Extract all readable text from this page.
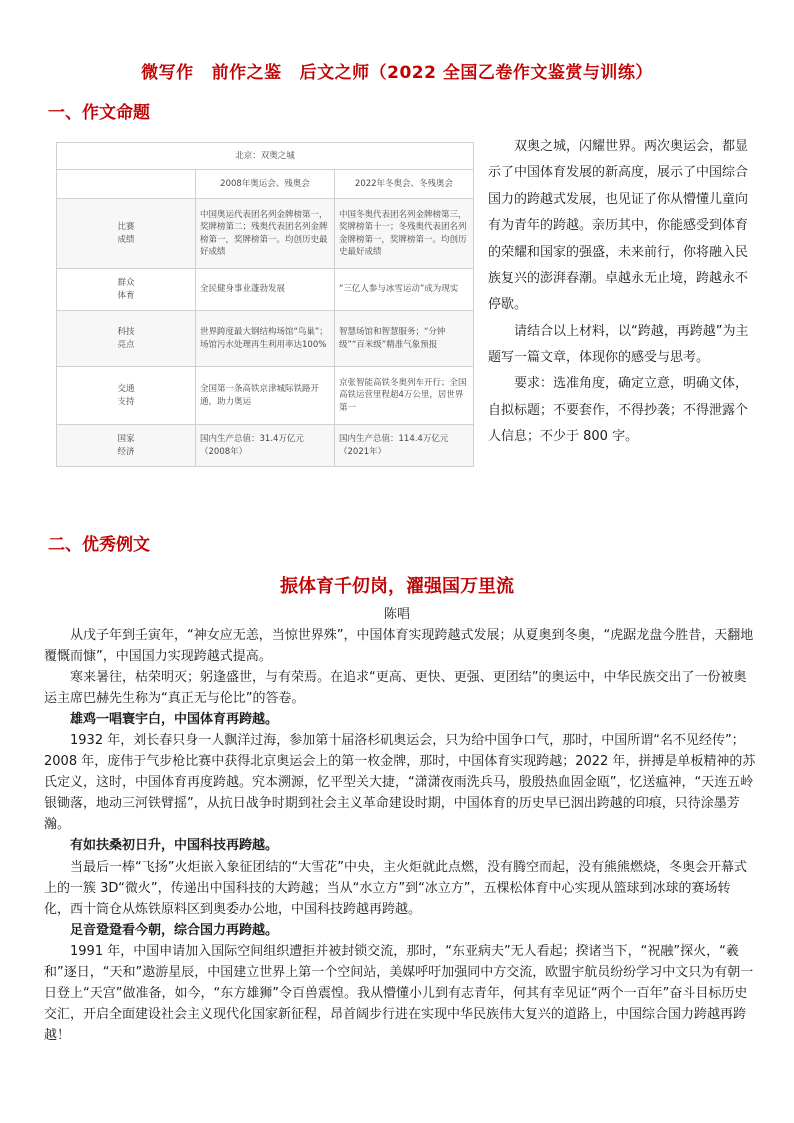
微写作 前作之鉴 后文之师（2022 全国乙卷作文鉴赏与训练）
一、作文命题
北京：双奥之城		
	2008年奥运会、残奥会	2022年冬奥会、冬残奥会
比赛
成绩	中国奥运代表团名列金牌榜第一，奖牌榜第二；残奥代表团名列金牌榜第一，奖牌榜第一。均创历史最好成绩	中国冬奥代表团名列金牌榜第三，奖牌榜第十一；冬残奥代表团名列金牌榜第一，奖牌榜第一。均创历史最好成绩
群众
体育	全民健身事业蓬勃发展	“三亿人参与冰雪运动”成为现实
科技
亮点	世界跨度最大钢结构场馆“鸟巢”；场馆污水处理再生利用率达100%	智慧场馆和智慧服务；“分钟级”“百米级”精准气象预报
交通
支持	全国第一条高铁京津城际铁路开通，助力奥运	京张智能高铁冬奥列车开行；全国高铁运营里程超4万公里，居世界第一
国家
经济	国内生产总值：31.4万亿元（2008年）	国内生产总值：114.4万亿元（2021年）

双奥之城，闪耀世界。两次奥运会，都显示了中国体育发展的新高度，展示了中国综合国力的跨越式发展，也见证了你从懵懂儿童向有为青年的跨越。亲历其中，你能感受到体育的荣耀和国家的强盛，未来前行，你将融入民族复兴的澎湃春潮。卓越永无止境，跨越永不停歇。

请结合以上材料，以“跨越，再跨越”为主题写一篇文章，体现你的感受与思考。

要求：选准角度，确定立意，明确文体，自拟标题；不要套作，不得抄袭；不得泄露个人信息；不少于 800 字。

二、优秀例文
振体育千仞岗，濯强国万里流
陈唱

从戊子年到壬寅年，“神女应无恙，当惊世界殊”，中国体育实现跨越式发展；从夏奥到冬奥，“虎踞龙盘今胜昔，天翻地覆慨而慷”，中国国力实现跨越式提高。

寒来暑往，枯荣明灭；躬逢盛世，与有荣焉。在追求“更高、更快、更强、更团结”的奥运中，中华民族交出了一份被奥运主席巴赫先生称为“真正无与伦比”的答卷。

雄鸡一唱寰宇白，中国体育再跨越。

1932 年，刘长春只身一人飘洋过海，参加第十届洛杉矶奥运会，只为给中国争口气，那时，中国所谓“名不见经传”；2008 年，庞伟于气步枪比赛中获得北京奥运会上的第一枚金牌，那时，中国体育实现跨越；2022 年，拼搏是单板精神的苏氏定义，这时，中国体育再度跨越。究本溯源，忆平型关大捷，“潇潇夜雨洗兵马，殷殷热血固金瓯”，忆送瘟神，“天连五岭银锄落，地动三河铁臂摇”，从抗日战争时期到社会主义革命建设时期，中国体育的历史早已洇出跨越的印痕，只待涂墨芳瀚。

有如扶桑初日升，中国科技再跨越。

当最后一棒“飞扬”火炬嵌入象征团结的“大雪花”中央，主火炬就此点燃，没有腾空而起，没有熊熊燃烧，冬奥会开幕式上的一簇 3D“微火”，传递出中国科技的大跨越；当从“水立方”到“冰立方”，五棵松体育中心实现从篮球到冰球的赛场转化，西十筒仓从炼铁原料区到奥委办公地，中国科技跨越再跨越。

足音跫跫看今朝，综合国力再跨越。

1991 年，中国申请加入国际空间组织遭拒并被封锁交流，那时，“东亚病夫”无人看起；揆诸当下，“祝融”探火，“羲和”逐日，“天和”遨游星辰，中国建立世界上第一个空间站，美媒呼吁加强同中方交流，欧盟宇航员纷纷学习中文只为有朝一日登上“天宫”做准备，如今，“东方雄狮”令百兽震惶。我从懵懂小儿到有志青年，何其有幸见证“两个一百年”奋斗目标历史交汇，开启全面建设社会主义现代化国家新征程，昂首阔步行进在实现中华民族伟大复兴的道路上，中国综合国力跨越再跨越！
